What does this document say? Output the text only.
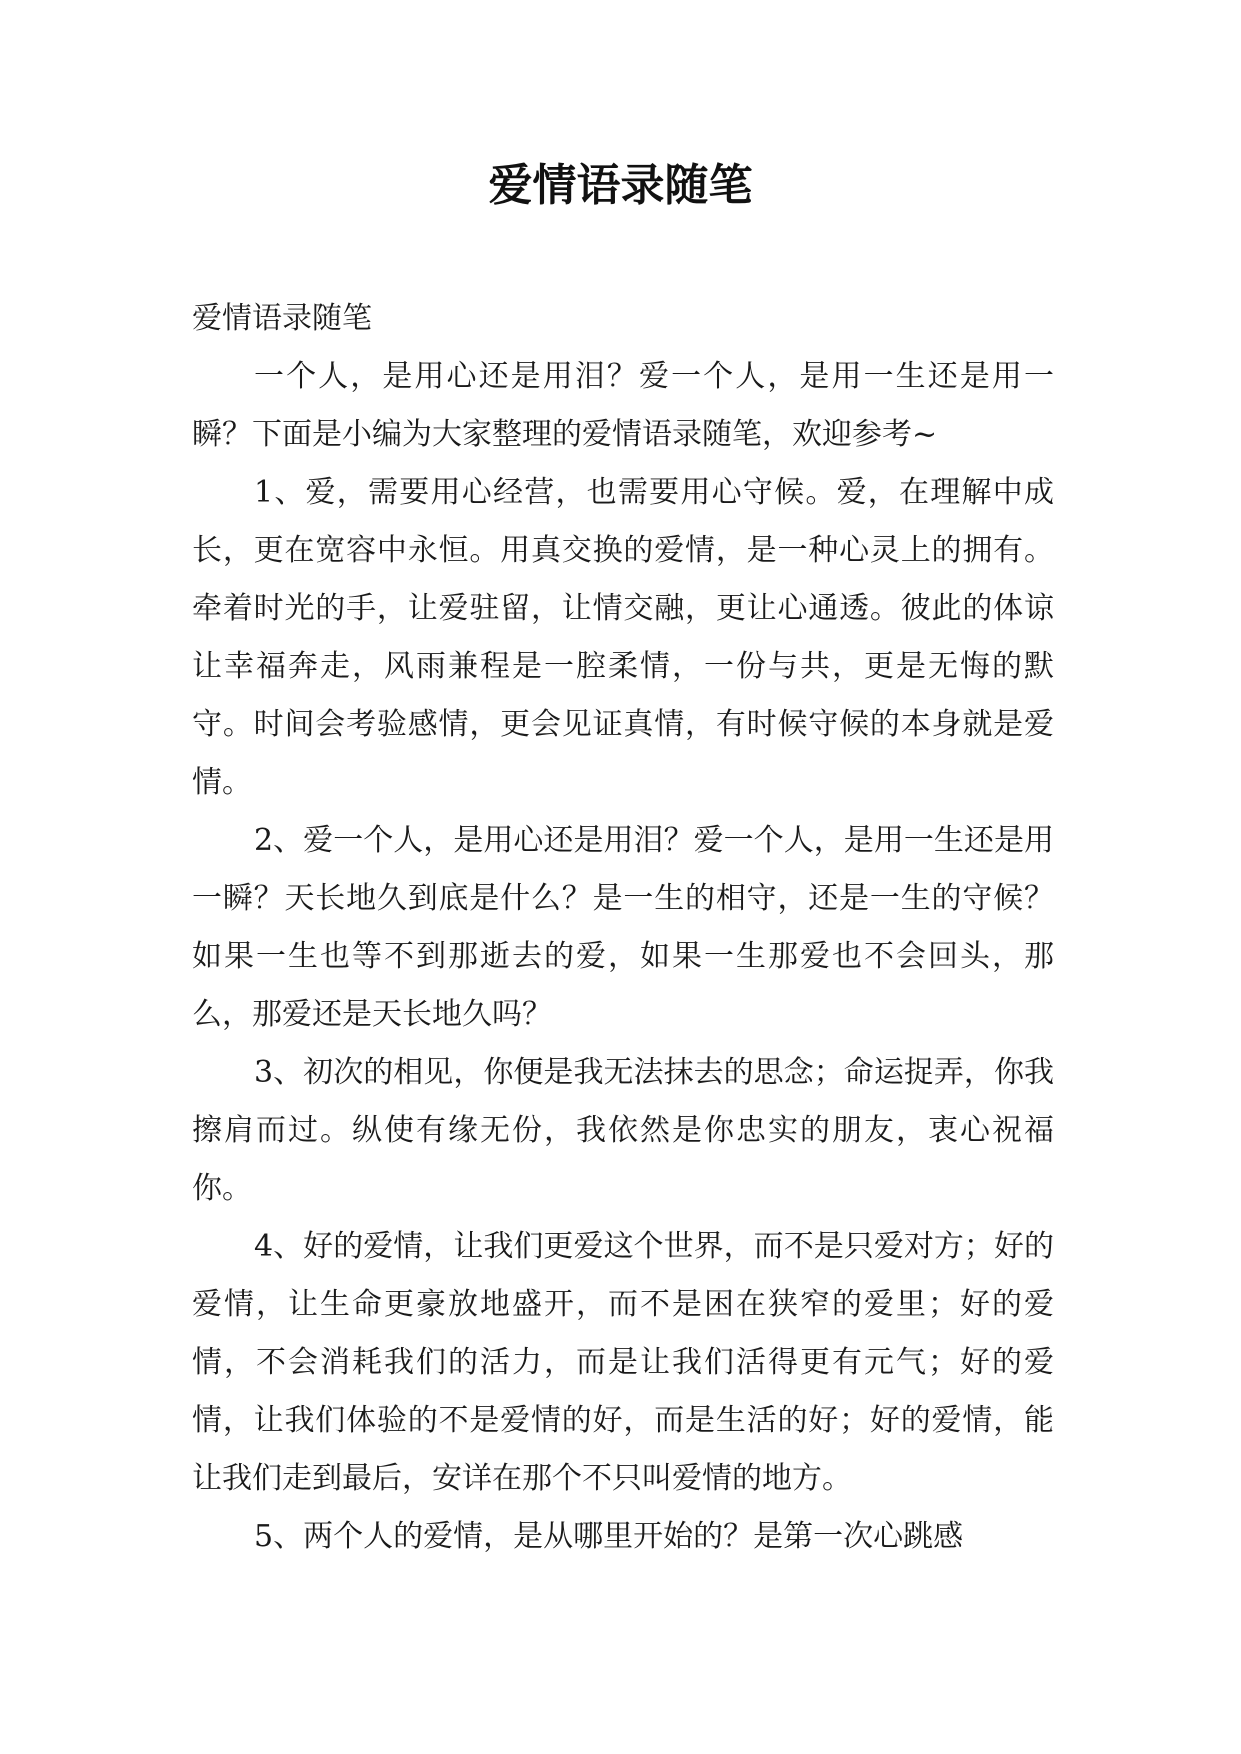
爱情语录随笔

爱情语录随笔

一个人，是用心还是用泪？爱一个人，是用一生还是用一瞬？下面是小编为大家整理的爱情语录随笔，欢迎参考~

1、爱，需要用心经营，也需要用心守候。爱，在理解中成长，更在宽容中永恒。用真交换的爱情，是一种心灵上的拥有。牵着时光的手，让爱驻留，让情交融，更让心通透。彼此的体谅让幸福奔走，风雨兼程是一腔柔情，一份与共，更是无悔的默守。时间会考验感情，更会见证真情，有时候守候的本身就是爱情。

2、爱一个人，是用心还是用泪？爱一个人，是用一生还是用一瞬？天长地久到底是什么？是一生的相守，还是一生的守候？如果一生也等不到那逝去的爱，如果一生那爱也不会回头，那么，那爱还是天长地久吗？

3、初次的相见，你便是我无法抹去的思念；命运捉弄，你我擦肩而过。纵使有缘无份，我依然是你忠实的朋友，衷心祝福你。

4、好的爱情，让我们更爱这个世界，而不是只爱对方；好的爱情，让生命更豪放地盛开，而不是困在狭窄的爱里；好的爱情，不会消耗我们的活力，而是让我们活得更有元气；好的爱情，让我们体验的不是爱情的好，而是生活的好；好的爱情，能让我们走到最后，安详在那个不只叫爱情的地方。

5、两个人的爱情，是从哪里开始的？是第一次心跳感
